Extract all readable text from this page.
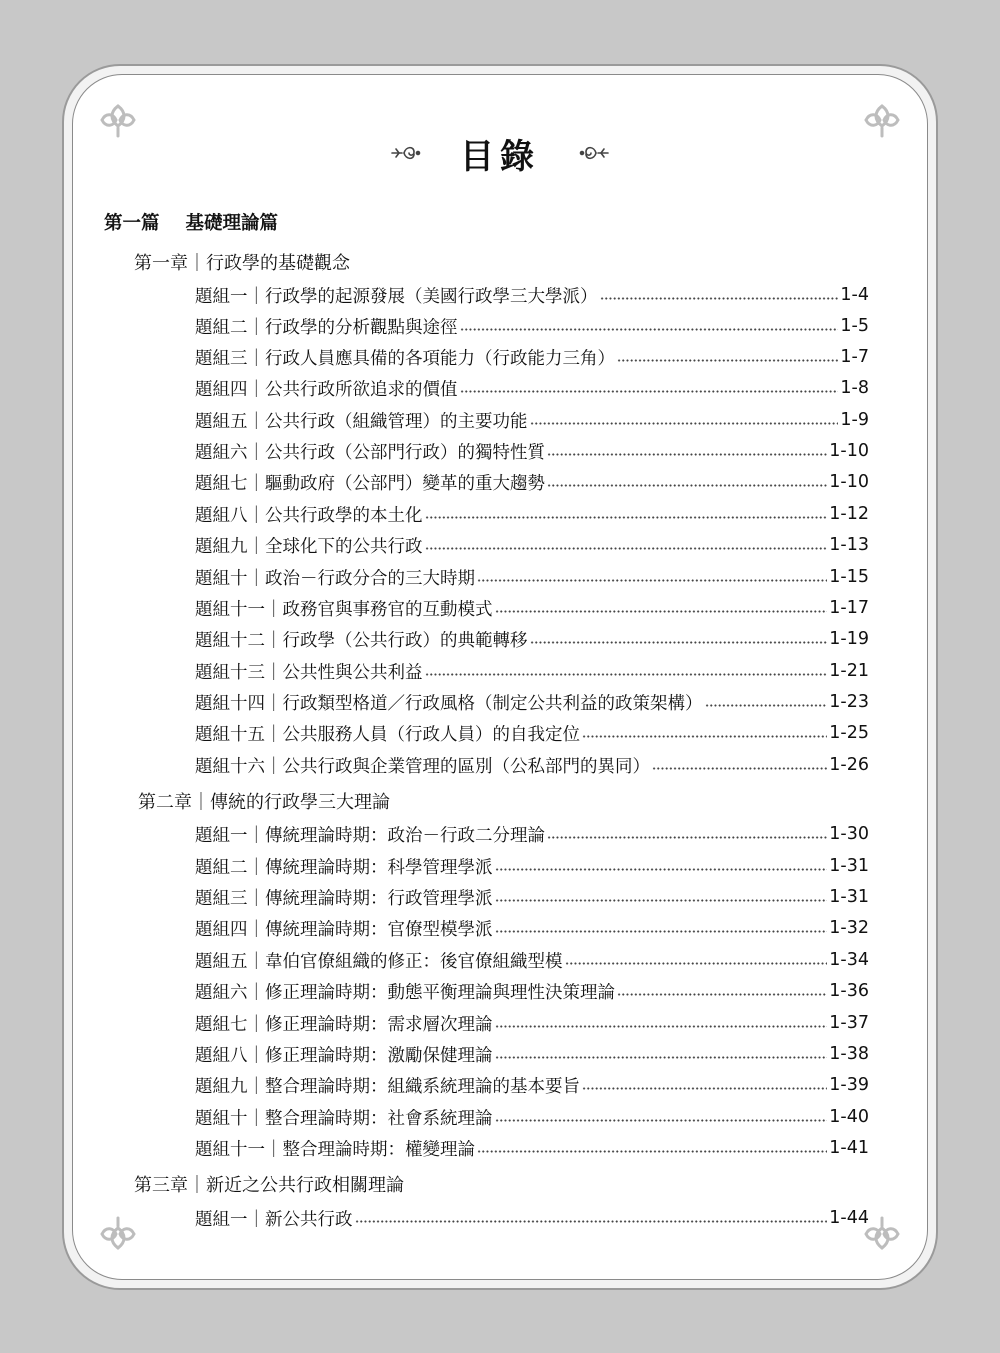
目錄
第一篇 基礎理論篇
第一章｜行政學的基礎觀念
題組一｜行政學的起源發展（美國行政學三大學派）	1-4
題組二｜行政學的分析觀點與途徑	1-5
題組三｜行政人員應具備的各項能力（行政能力三角）	1-7
題組四｜公共行政所欲追求的價值	1-8
題組五｜公共行政（組織管理）的主要功能	1-9
題組六｜公共行政（公部門行政）的獨特性質	1-10
題組七｜驅動政府（公部門）變革的重大趨勢	1-10
題組八｜公共行政學的本土化	1-12
題組九｜全球化下的公共行政	1-13
題組十｜政治－行政分合的三大時期	1-15
題組十一｜政務官與事務官的互動模式	1-17
題組十二｜行政學（公共行政）的典範轉移	1-19
題組十三｜公共性與公共利益	1-21
題組十四｜行政類型格道／行政風格（制定公共利益的政策架構）	1-23
題組十五｜公共服務人員（行政人員）的自我定位	1-25
題組十六｜公共行政與企業管理的區別（公私部門的異同）	1-26
第二章｜傳統的行政學三大理論
題組一｜傳統理論時期：政治－行政二分理論	1-30
題組二｜傳統理論時期：科學管理學派	1-31
題組三｜傳統理論時期：行政管理學派	1-31
題組四｜傳統理論時期：官僚型模學派	1-32
題組五｜韋伯官僚組織的修正：後官僚組織型模	1-34
題組六｜修正理論時期：動態平衡理論與理性決策理論	1-36
題組七｜修正理論時期：需求層次理論	1-37
題組八｜修正理論時期：激勵保健理論	1-38
題組九｜整合理論時期：組織系統理論的基本要旨	1-39
題組十｜整合理論時期：社會系統理論	1-40
題組十一｜整合理論時期：權變理論	1-41
第三章｜新近之公共行政相關理論
題組一｜新公共行政	1-44
